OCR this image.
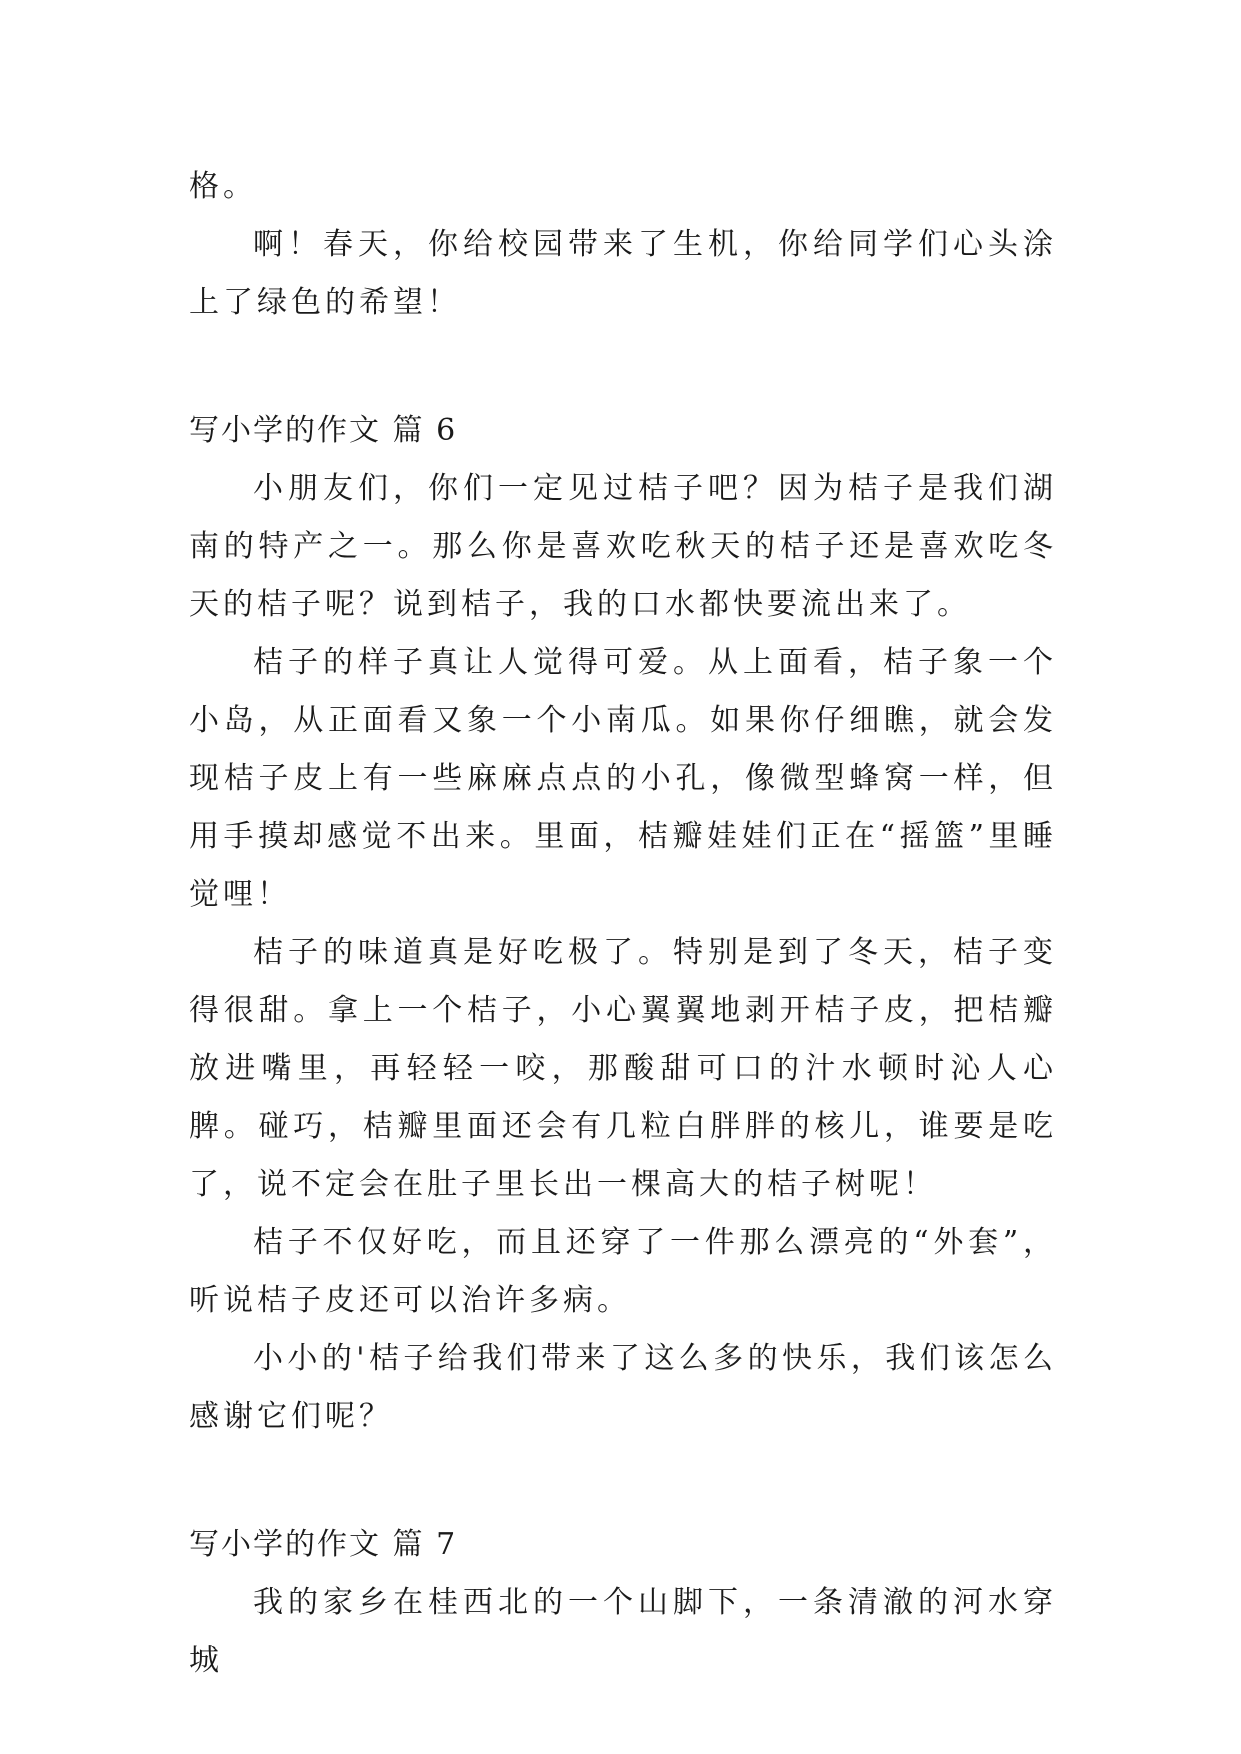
格。

啊！春天，你给校园带来了生机，你给同学们心头涂上了绿色的希望！

写小学的作文 篇 6

小朋友们，你们一定见过桔子吧？因为桔子是我们湖南的特产之一。那么你是喜欢吃秋天的桔子还是喜欢吃冬天的桔子呢？说到桔子，我的口水都快要流出来了。

桔子的样子真让人觉得可爱。从上面看，桔子象一个小岛，从正面看又象一个小南瓜。如果你仔细瞧，就会发现桔子皮上有一些麻麻点点的小孔，像微型蜂窝一样，但用手摸却感觉不出来。里面，桔瓣娃娃们正在“摇篮”里睡觉哩！

桔子的味道真是好吃极了。特别是到了冬天，桔子变得很甜。拿上一个桔子，小心翼翼地剥开桔子皮，把桔瓣放进嘴里，再轻轻一咬，那酸甜可口的汁水顿时沁人心脾。碰巧，桔瓣里面还会有几粒白胖胖的核儿，谁要是吃了，说不定会在肚子里长出一棵高大的桔子树呢！

桔子不仅好吃，而且还穿了一件那么漂亮的“外套”，听说桔子皮还可以治许多病。

小小的'桔子给我们带来了这么多的快乐，我们该怎么感谢它们呢？

写小学的作文 篇 7

我的家乡在桂西北的一个山脚下，一条清澈的河水穿城
